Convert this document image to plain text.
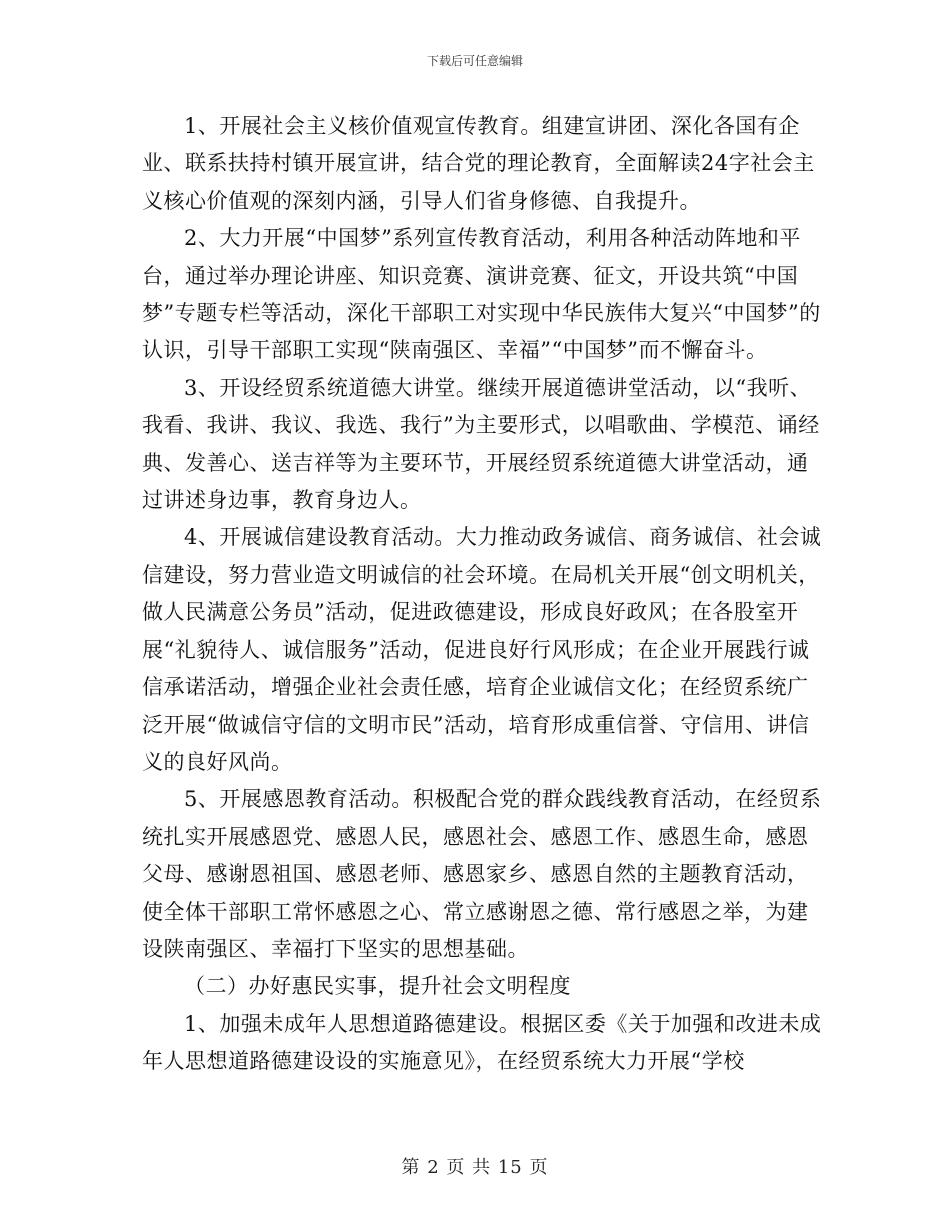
下载后可任意编辑

1、开展社会主义核价值观宣传教育。组建宣讲团、深化各国有企业、联系扶持村镇开展宣讲，结合党的理论教育，全面解读24字社会主义核心价值观的深刻内涵，引导人们省身修德、自我提升。

2、大力开展“中国梦”系列宣传教育活动，利用各种活动阵地和平台，通过举办理论讲座、知识竞赛、演讲竞赛、征文，开设共筑“中国梦”专题专栏等活动，深化干部职工对实现中华民族伟大复兴“中国梦”的认识，引导干部职工实现“陕南强区、幸福”“中国梦”而不懈奋斗。

3、开设经贸系统道德大讲堂。继续开展道德讲堂活动，以“我听、我看、我讲、我议、我选、我行”为主要形式，以唱歌曲、学模范、诵经典、发善心、送吉祥等为主要环节，开展经贸系统道德大讲堂活动，通过讲述身边事，教育身边人。

4、开展诚信建设教育活动。大力推动政务诚信、商务诚信、社会诚信建设，努力营业造文明诚信的社会环境。在局机关开展“创文明机关，做人民满意公务员”活动，促进政德建设，形成良好政风；在各股室开展“礼貌待人、诚信服务”活动，促进良好行风形成；在企业开展践行诚信承诺活动，增强企业社会责任感，培育企业诚信文化；在经贸系统广泛开展“做诚信守信的文明市民”活动，培育形成重信誉、守信用、讲信义的良好风尚。

5、开展感恩教育活动。积极配合党的群众践线教育活动，在经贸系统扎实开展感恩党、感恩人民，感恩社会、感恩工作、感恩生命，感恩父母、感谢恩祖国、感恩老师、感恩家乡、感恩自然的主题教育活动，使全体干部职工常怀感恩之心、常立感谢恩之德、常行感恩之举，为建设陕南强区、幸福打下坚实的思想基础。

（二）办好惠民实事，提升社会文明程度

1、加强未成年人思想道路德建设。根据区委《关于加强和改进未成年人思想道路德建设设的实施意见》，在经贸系统大力开展“学校

第 2 页 共 15 页
